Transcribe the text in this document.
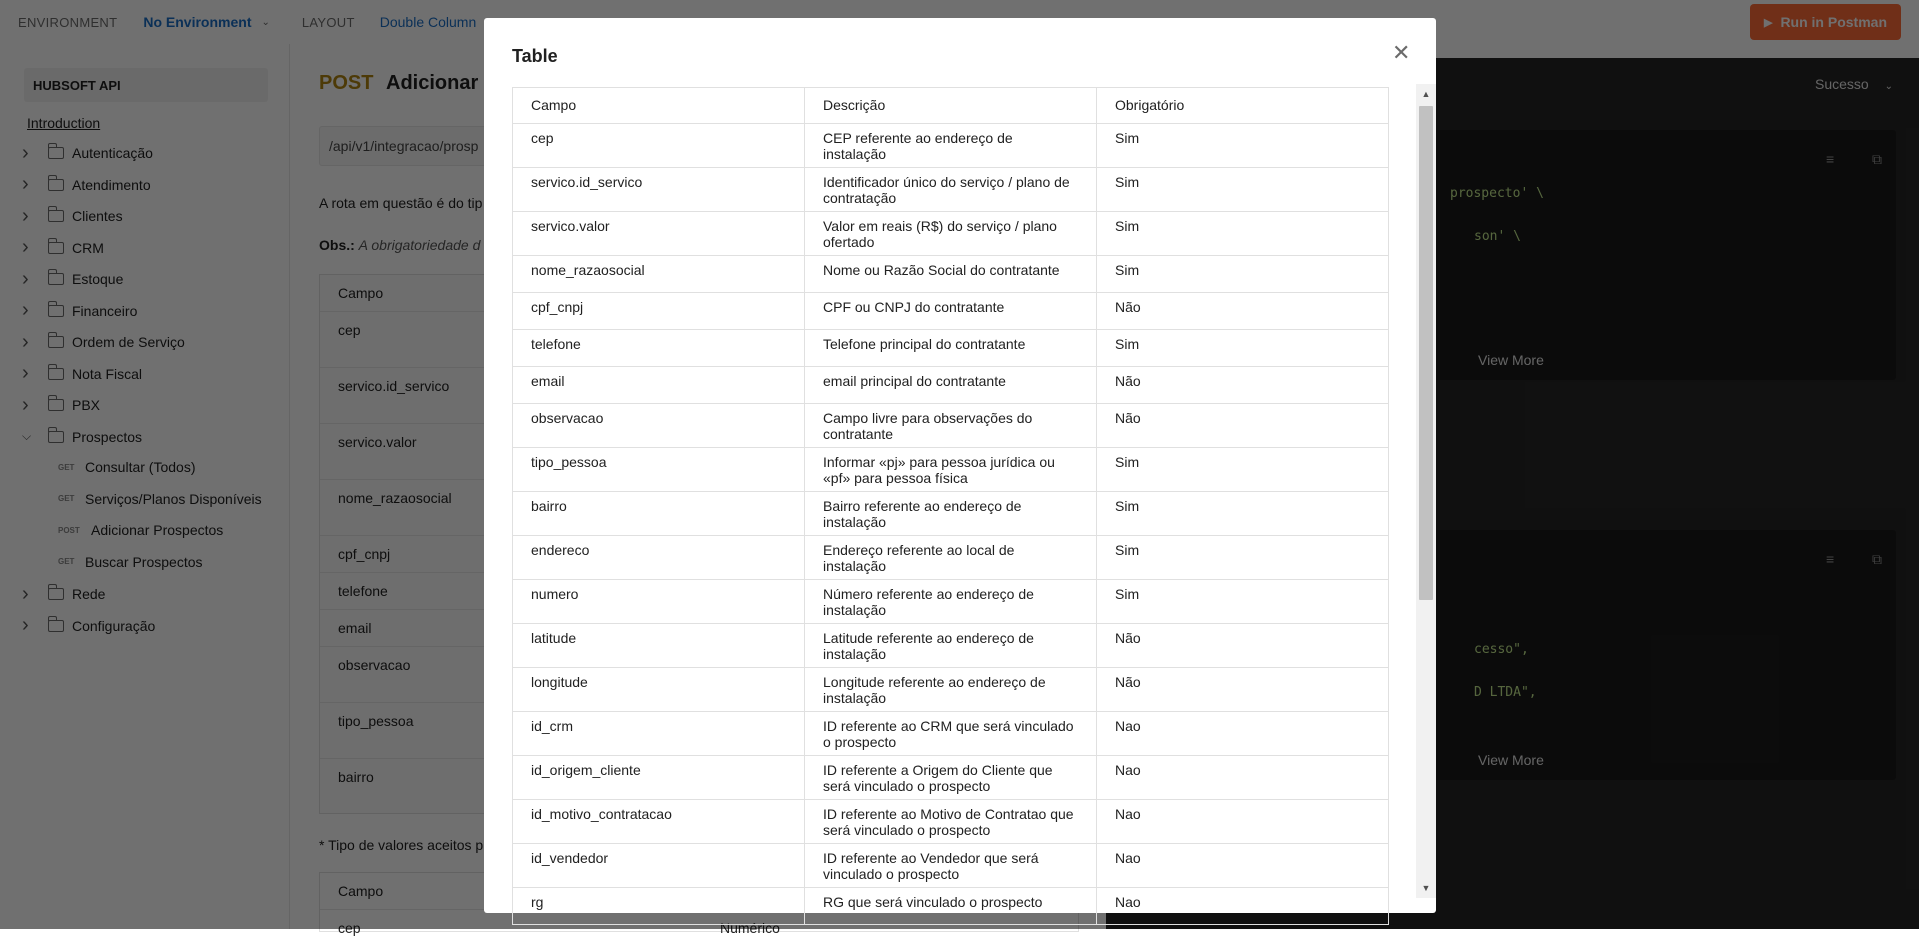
Table	✕
Campo	Descrição	Obrigatório
cep	CEP referente ao endereço de instalação	Sim
servico.id_servico	Identificador único do serviço / plano de contratação	Sim
servico.valor	Valor em reais (R$) do serviço / plano ofertado	Sim
nome_razaosocial	Nome ou Razão Social do contratante	Sim
cpf_cnpj	CPF ou CNPJ do contratante	Não
telefone	Telefone principal do contratante	Sim
email	email principal do contratante	Não
observacao	Campo livre para observações do contratante	Não
tipo_pessoa	Informar «pj» para pessoa jurídica ou «pf» para pessoa física	Sim
bairro	Bairro referente ao endereço de instalação	Sim
endereco	Endereço referente ao local de instalação	Sim
numero	Número referente ao endereço de instalação	Sim
latitude	Latitude referente ao endereço de instalação	Não
longitude	Longitude referente ao endereço de instalação	Não
id_crm	ID referente ao CRM que será vinculado o prospecto	Nao
id_origem_cliente	ID referente a Origem do Cliente que será vinculado o prospecto	Nao
id_motivo_contratacao	ID referente ao Motivo de Contratao que será vinculado o prospecto	Nao
id_vendedor	ID referente ao Vendedor que será vinculado o prospecto	Nao
rg	RG que será vinculado o prospecto	Nao
▲
▼
